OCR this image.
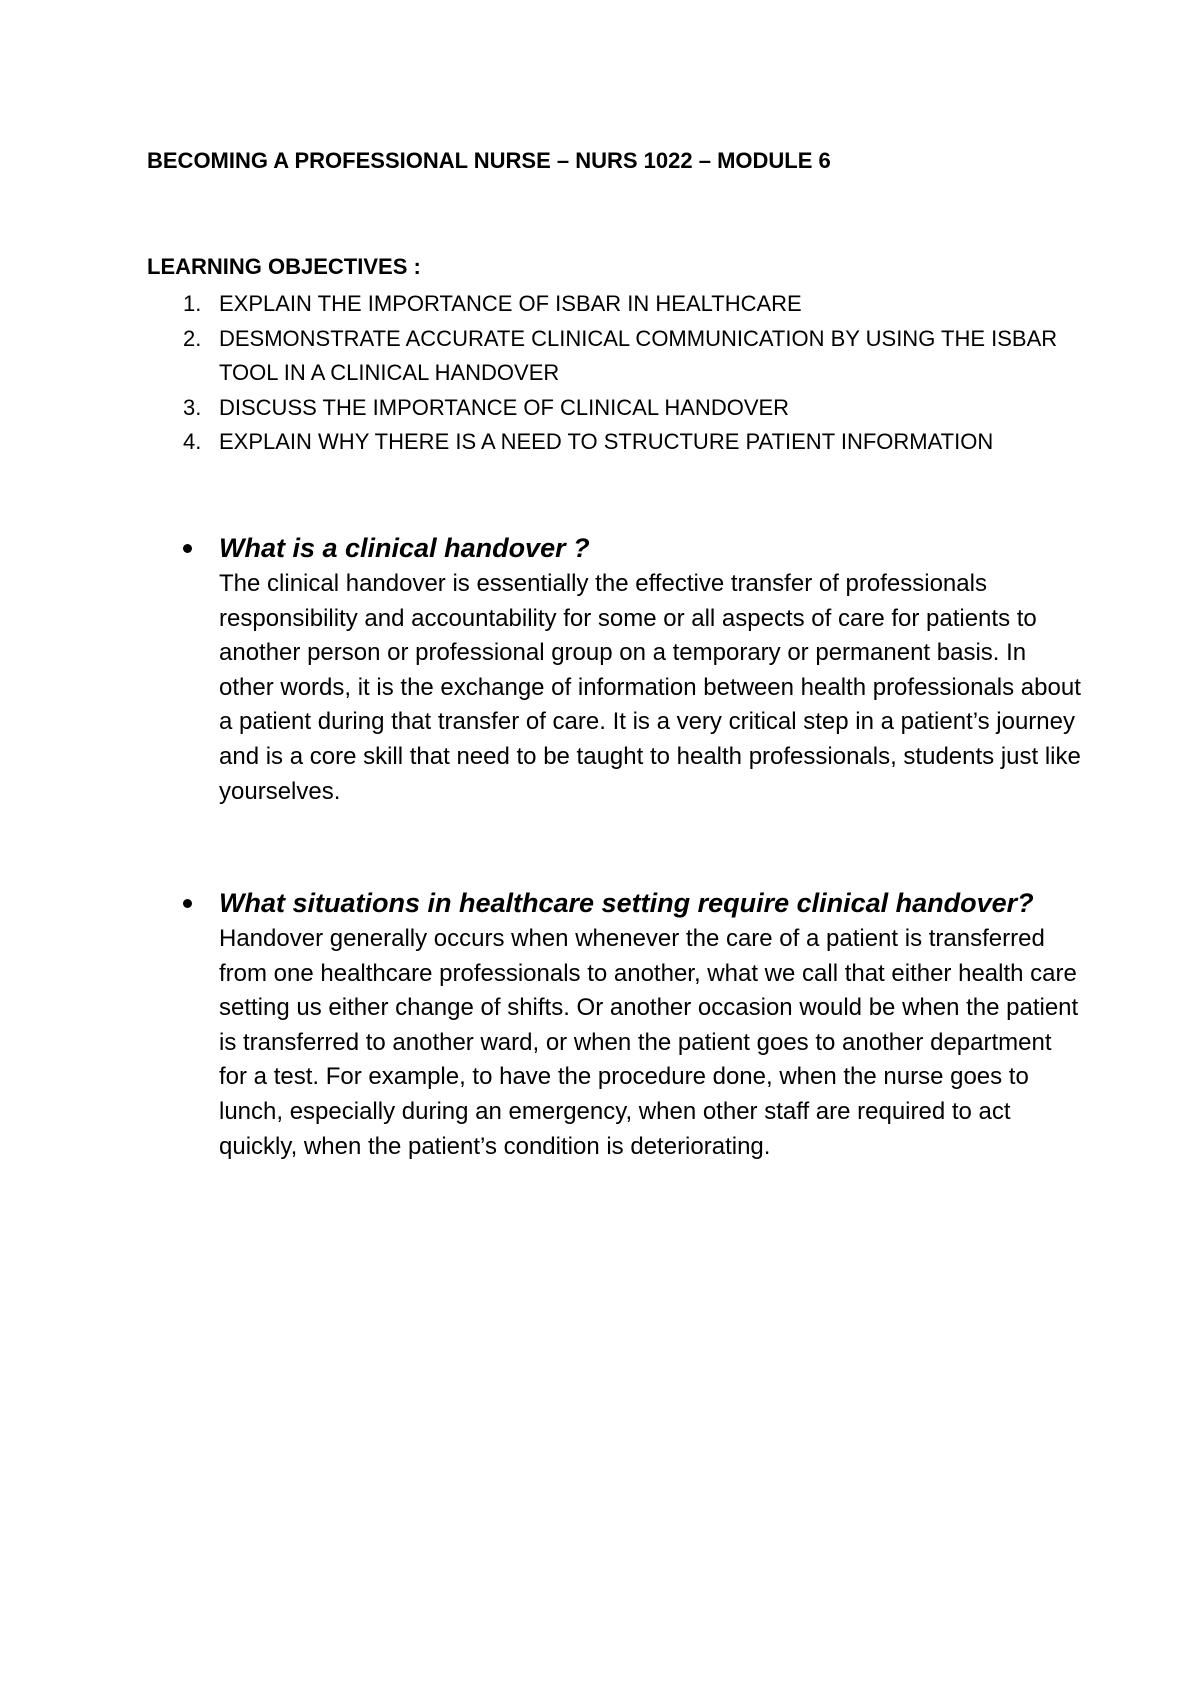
BECOMING A PROFESSIONAL NURSE – NURS 1022 – MODULE 6
LEARNING OBJECTIVES :
1. EXPLAIN THE IMPORTANCE OF ISBAR IN HEALTHCARE
2. DESMONSTRATE ACCURATE CLINICAL COMMUNICATION BY USING THE ISBAR TOOL IN A CLINICAL HANDOVER
3. DISCUSS THE IMPORTANCE OF CLINICAL HANDOVER
4. EXPLAIN WHY THERE IS A NEED TO STRUCTURE PATIENT INFORMATION
What is a clinical handover ?
The clinical handover is essentially the effective transfer of professionals responsibility and accountability for some or all aspects of care for patients to another person or professional group on a temporary or permanent basis. In other words, it is the exchange of information between health professionals about a patient during that transfer of care. It is a very critical step in a patient’s journey and is a core skill that need to be taught to health professionals, students just like yourselves.
What situations in healthcare setting require clinical handover?
Handover generally occurs when whenever the care of a patient is transferred from one healthcare professionals to another, what we call that either health care setting us either change of shifts. Or another occasion would be when the patient is transferred to another ward, or when the patient goes to another department for a test. For example, to have the procedure done, when the nurse goes to lunch, especially during an emergency, when other staff are required to act quickly, when the patient’s condition is deteriorating.
